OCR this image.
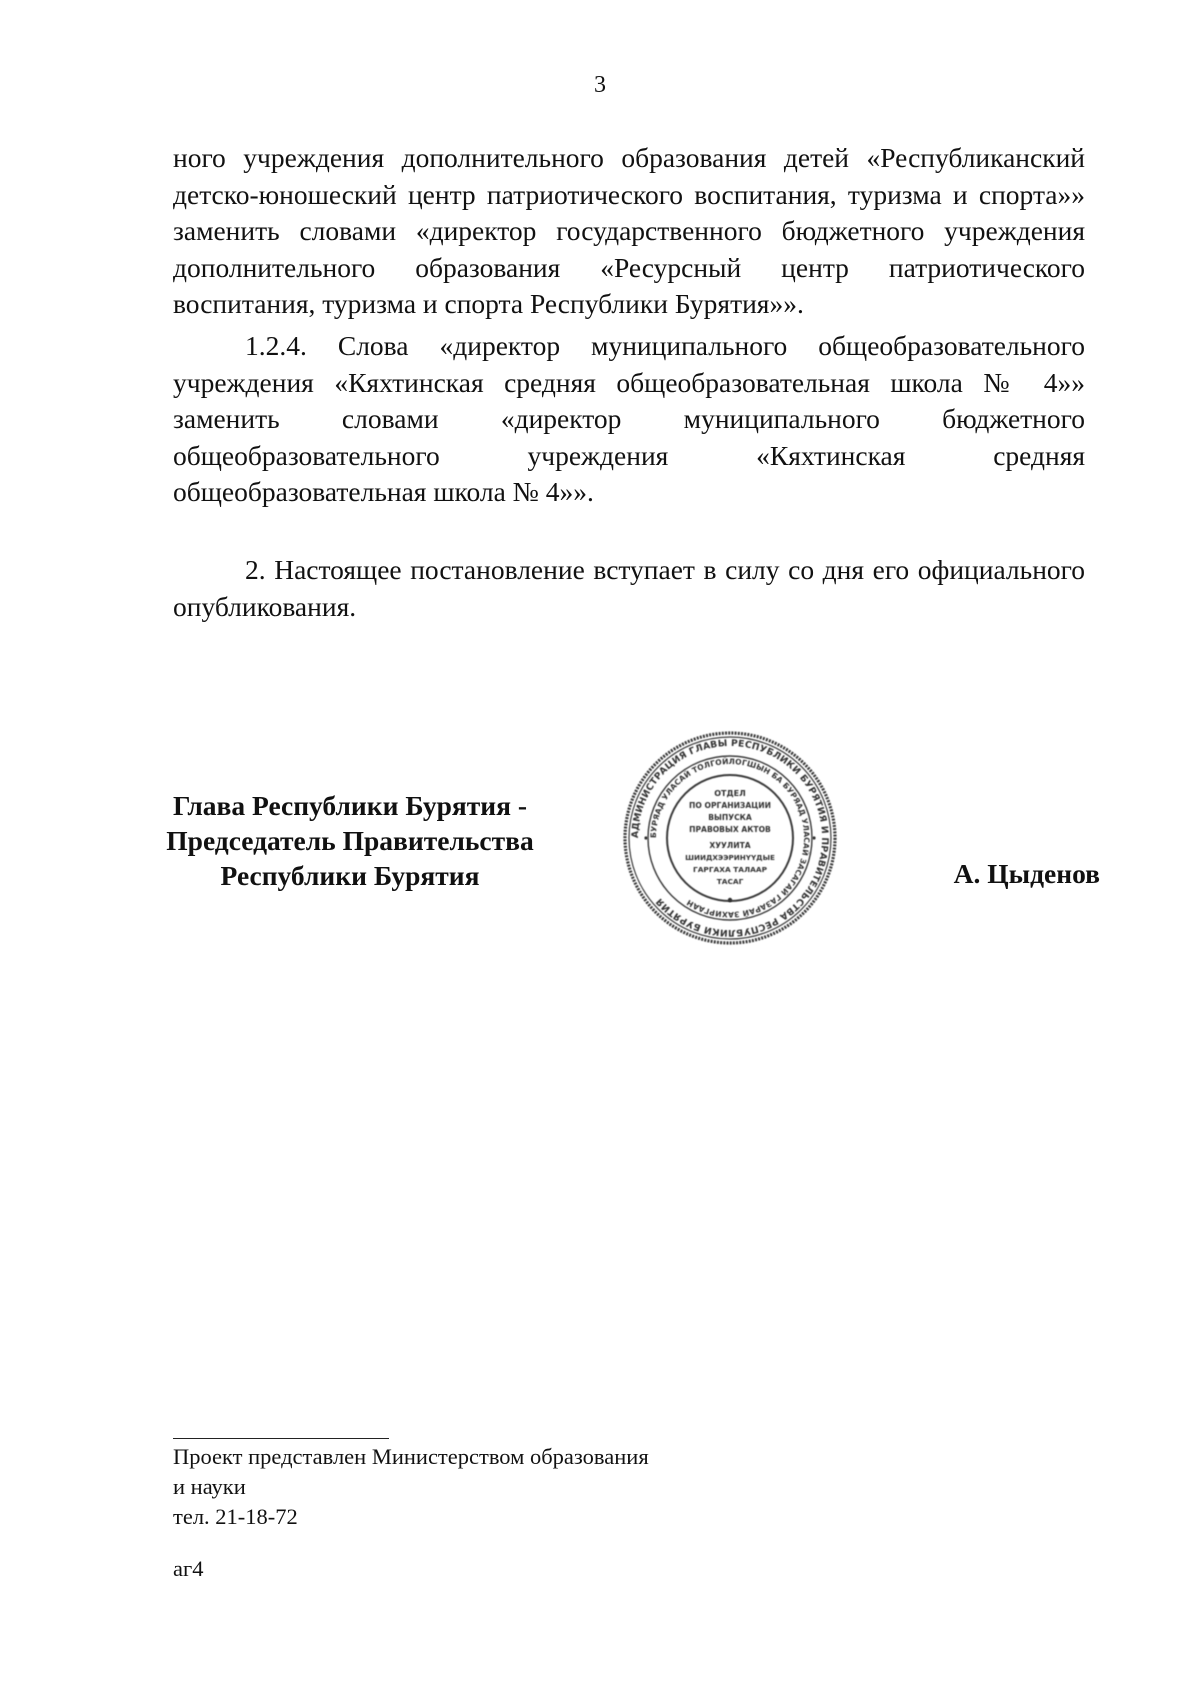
3
ного учреждения дополнительного образования детей «Республиканский детско-юношеский центр патриотического воспитания, туризма и спорта»» заменить словами «директор государственного бюджетного учреждения дополнительного образования «Ресурсный центр патриотического воспитания, туризма и спорта Республики Бурятия»».
1.2.4. Слова «директор муниципального общеобразовательного учреждения «Кяхтинская средняя общеобразовательная школа № 4»» заменить словами «директор муниципального бюджетного общеобразовательного учреждения «Кяхтинская средняя общеобразовательная школа № 4»».
2. Настоящее постановление вступает в силу со дня его официального опубликования.
Глава Республики Бурятия -
Председатель Правительства
Республики Бурятия
АДМИНИСТРАЦИЯ ГЛАВЫ РЕСПУБЛИКИ БУРЯТИЯ И ПРАВИТЕЛЬСТВА РЕСПУБЛИКИ БУРЯТИЯ
БУРЯАД УЛАСАЙ ТОЛГОЙЛОГШЫН БА БУРЯАД УЛАСАЙ ЗАСАГАЙ ГАЗАРАЙ ЗАХИРГААН
ОТДЕЛ
ПО ОРГАНИЗАЦИИ
ВЫПУСКА
ПРАВОВЫХ АКТОВ
ХУУЛИТА
ШИИДХЭЭРИНҮҮДЫЕ
ГАРГАХА ТАЛААР
ТАСАГ	А. Цыденов
Проект представлен Министерством образования
и науки
тел. 21-18-72
аг4
